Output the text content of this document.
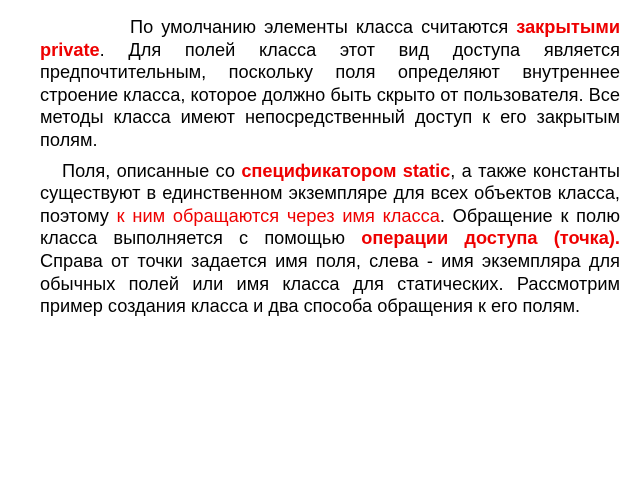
По умолчанию элементы класса считаются закрытыми private. Для полей класса этот вид доступа является предпочтительным, поскольку поля определяют внутреннее строение класса, которое должно быть скрыто от пользователя. Все методы класса имеют непосредственный доступ к его закрытым полям.

Поля, описанные со спецификатором static, а также константы существуют в единственном экземпляре для всех объектов класса, поэтому к ним обращаются через имя класса. Обращение к полю класса выполняется с помощью операции доступа (точка). Справа от точки задается имя поля, слева - имя экземпляра для обычных полей или имя класса для статических. Рассмотрим пример создания класса и два способа обращения к его полям.
